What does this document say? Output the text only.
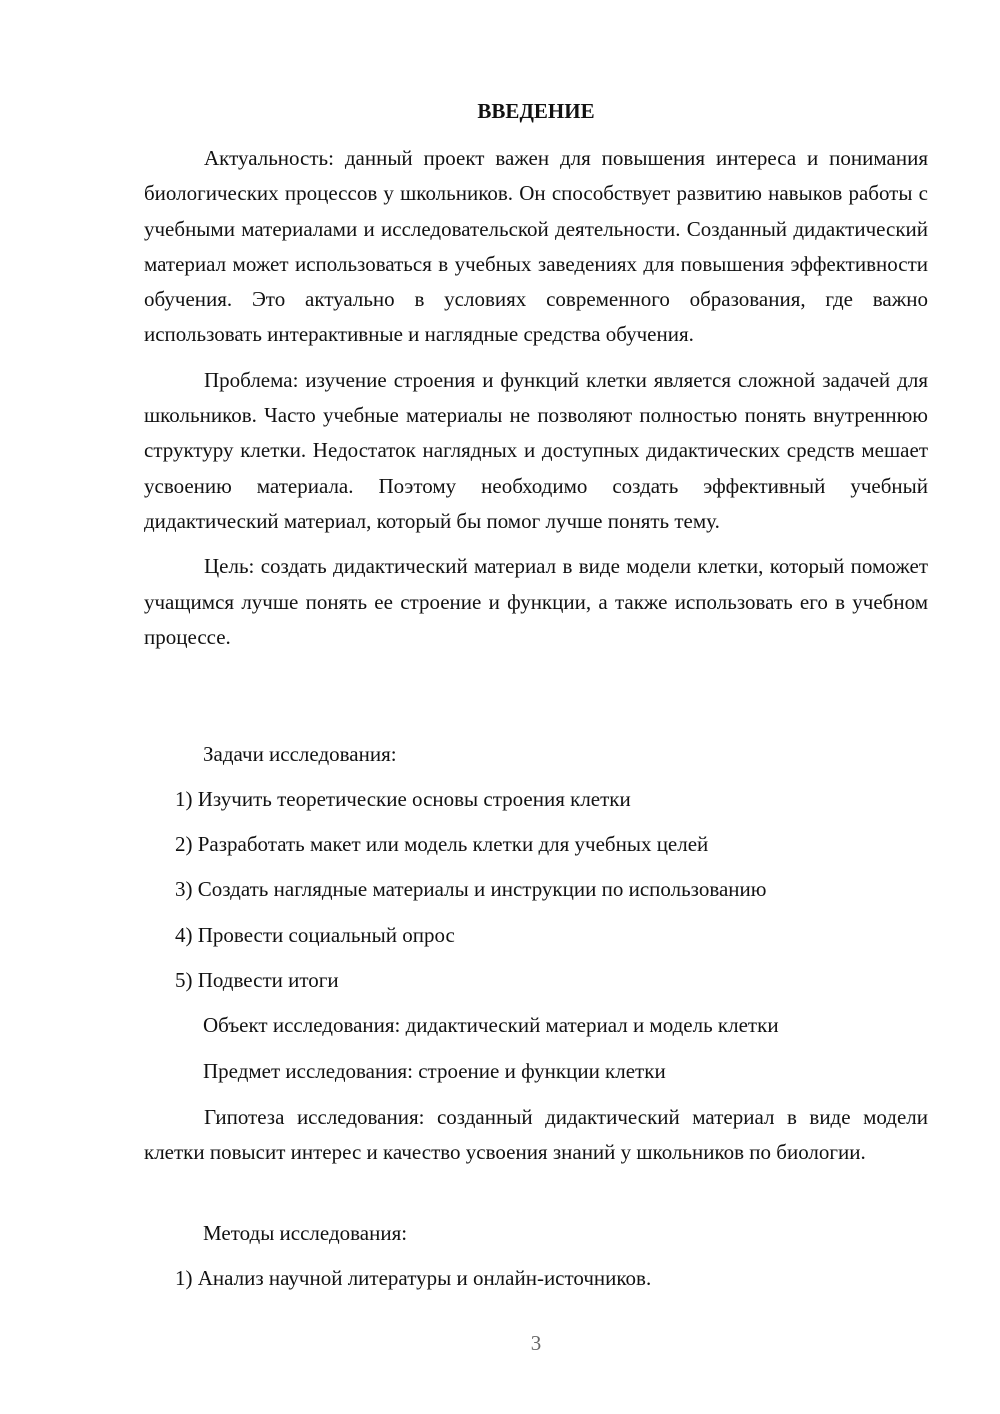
ВВЕДЕНИЕ

Актуальность: данный проект важен для повышения интереса и понимания биологических процессов у школьников. Он способствует развитию навыков работы с учебными материалами и исследовательской деятельности. Созданный дидактический материал может использоваться в учебных заведениях для повышения эффективности обучения. Это актуально в условиях современного образования, где важно использовать интерактивные и наглядные средства обучения.

Проблема: изучение строения и функций клетки является сложной задачей для школьников. Часто учебные материалы не позволяют полностью понять внутреннюю структуру клетки. Недостаток наглядных и доступных дидактических средств мешает усвоению материала. Поэтому необходимо создать эффективный учебный дидактический материал, который бы помог лучше понять тему.

Цель: создать дидактический материал в виде модели клетки, который поможет учащимся лучше понять ее строение и функции, а также использовать его в учебном процессе.

Задачи исследования:
1) Изучить теоретические основы строения клетки
2) Разработать макет или модель клетки для учебных целей
3) Создать наглядные материалы и инструкции по использованию
4) Провести социальный опрос
5) Подвести итоги
Объект исследования: дидактический материал и модель клетки
Предмет исследования: строение и функции клетки

Гипотеза исследования: созданный дидактический материал в виде модели клетки повысит интерес и качество усвоения знаний у школьников по биологии.

Методы исследования:
1) Анализ научной литературы и онлайн-источников.
3
